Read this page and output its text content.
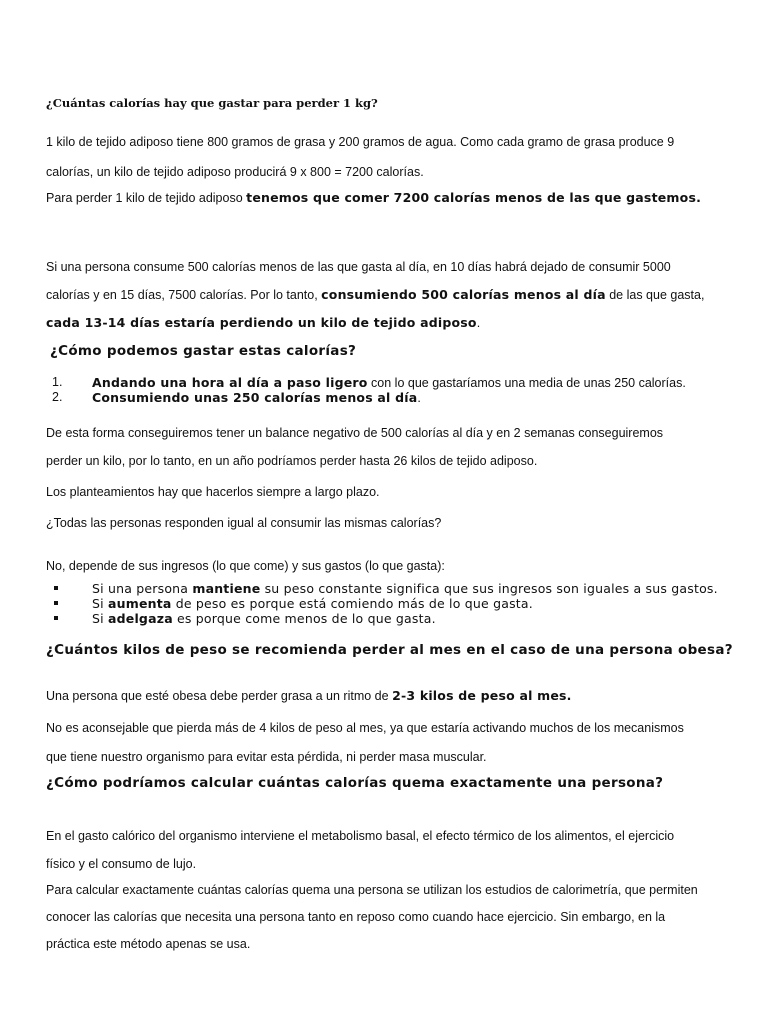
¿Cuántas calorías hay que gastar para perder 1 kg?

1 kilo de tejido adiposo tiene 800 gramos de grasa y 200 gramos de agua. Como cada gramo de grasa produce 9
calorías, un kilo de tejido adiposo producirá 9 x 800 = 7200 calorías.

Para perder 1 kilo de tejido adiposo tenemos que comer 7200 calorías menos de las que gastemos.

Si una persona consume 500 calorías menos de las que gasta al día, en 10 días habrá dejado de consumir 5000
calorías y en 15 días, 7500 calorías. Por lo tanto, consumiendo 500 calorías menos al día de las que gasta,
cada 13-14 días estaría perdiendo un kilo de tejido adiposo.

¿Cómo podemos gastar estas calorías?
1. Andando una hora al día a paso ligero con lo que gastaríamos una media de unas 250 calorías.
2. Consumiendo unas 250 calorías menos al día.

De esta forma conseguiremos tener un balance negativo de 500 calorías al día y en 2 semanas conseguiremos
perder un kilo, por lo tanto, en un año podríamos perder hasta 26 kilos de tejido adiposo.

Los planteamientos hay que hacerlos siempre a largo plazo.

¿Todas las personas responden igual al consumir las mismas calorías?

No, depende de sus ingresos (lo que come) y sus gastos (lo que gasta):

Si una persona mantiene su peso constante significa que sus ingresos son iguales a sus gastos.
Si aumenta de peso es porque está comiendo más de lo que gasta.
Si adelgaza es porque come menos de lo que gasta.
¿Cuántos kilos de peso se recomienda perder al mes en el caso de una persona obesa?

Una persona que esté obesa debe perder grasa a un ritmo de 2-3 kilos de peso al mes.

No es aconsejable que pierda más de 4 kilos de peso al mes, ya que estaría activando muchos de los mecanismos
que tiene nuestro organismo para evitar esta pérdida, ni perder masa muscular.

¿Cómo podríamos calcular cuántas calorías quema exactamente una persona?

En el gasto calórico del organismo interviene el metabolismo basal, el efecto térmico de los alimentos, el ejercicio
físico y el consumo de lujo.

Para calcular exactamente cuántas calorías quema una persona se utilizan los estudios de calorimetría, que permiten
conocer las calorías que necesita una persona tanto en reposo como cuando hace ejercicio. Sin embargo, en la
práctica este método apenas se usa.
